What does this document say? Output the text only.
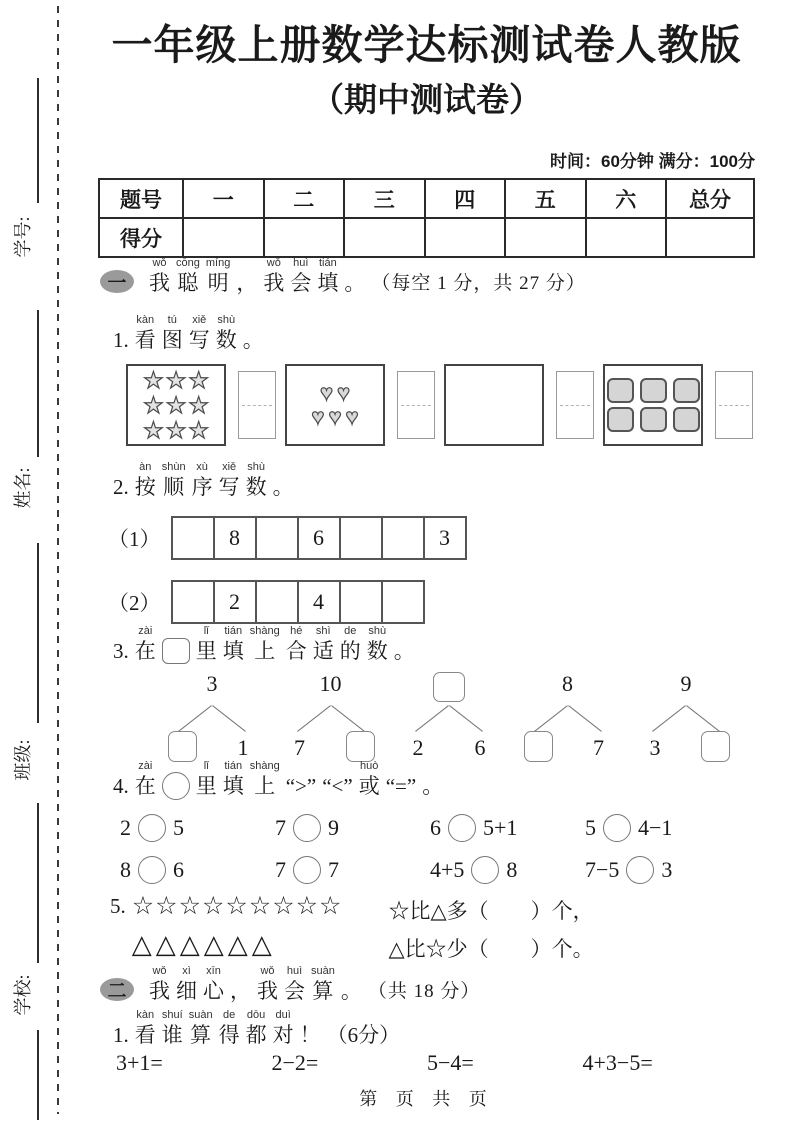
学号:
姓名:
班级:
学校:
一年级上册数学达标测试卷人教版
（期中测试卷）
时间：60分钟 满分：100分
题号	一	二	三	四	五	六	总分
得分							
一
wǒ
我
cōng
聪
míng
明
，
wǒ
我
huì
会
tián
填
。
（每空 1 分，共 27 分）

1.
kàn
看
tú
图
xiě
写
shù
数
。
★ ★ ★
★ ★ ★
★ ★ ★
♥ ♥
♥ ♥ ♥

2.
àn
按
shùn
顺
xù
序
xiě
写
shù
数
。
（1）	8	6	3
（2）	2	4

3.
zài
在

lǐ
里
tián
填
shàng
上
hé
合
shì
适
de
的
shù
数
。
3
1
10
7	2	6
8
7
9
3

4.
zài
在

lǐ
里
tián
填
shàng
上
“>”
“<”
huò
或
“=”
。
2 5	7 9	6 5+1	5 4−1
8 6	7 7	4+5 8	7−5 3
5. ☆☆☆☆☆☆☆☆☆
△△△△△△
☆比△多（　　）个，
△比☆少（　　）个。
二
wǒ
我
xì
细
xīn
心
，
wǒ
我
huì
会
suàn
算
。
（共 18 分）

1.
kàn
看
shuí
谁
suàn
算
de
得
dōu
都
duì
对
！
（6分）
3+1=	2−2=	5−4=	4+3−5=
第 页 共 页
